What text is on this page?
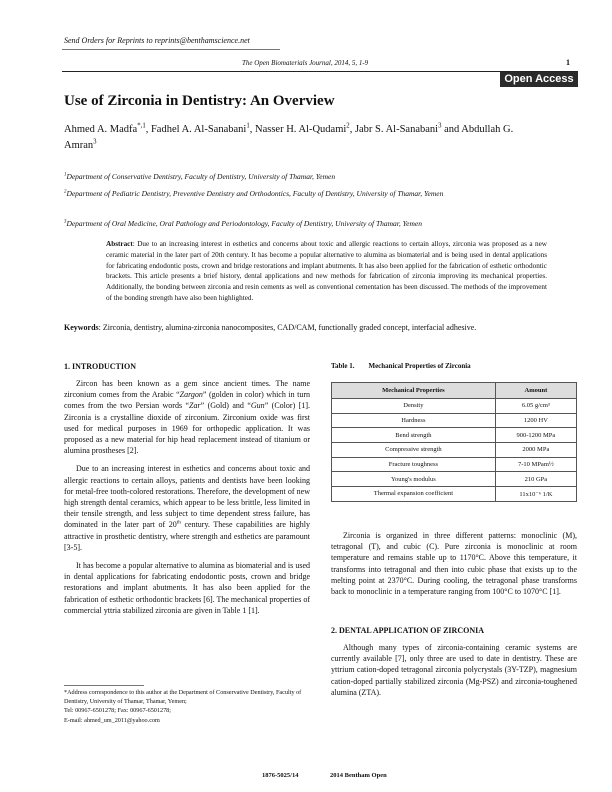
Send Orders for Reprints to reprints@benthamscience.net
The Open Biomaterials Journal, 2014, 5, 1-9	1
Open Access
Use of Zirconia in Dentistry: An Overview
Ahmed A. Madfa$^{*,1}$, Fadhel A. Al-Sanabani$^1$, Nasser H. Al-Qudami$^2$, Jabr S. Al-Sanabani$^3$ and Abdullah G. Amran$^3$
$^1$Department of Conservative Dentistry, Faculty of Dentistry, University of Thamar, Yemen
$^2$Department of Pediatric Dentistry, Preventive Dentistry and Orthodontics, Faculty of Dentistry, University of Thamar, Yemen
$^3$Department of Oral Medicine, Oral Pathology and Periodontology, Faculty of Dentistry, University of Thamar, Yemen
Abstract: Due to an increasing interest in esthetics and concerns about toxic and allergic reactions to certain alloys, zirconia was proposed as a new ceramic material in the later part of 20th century. It has become a popular alternative to alumina as biomaterial and is being used in dental applications for fabricating endodontic posts, crown and bridge restorations and implant abutments. It has also been applied for the fabrication of esthetic orthodontic brackets. This article presents a brief history, dental applications and new methods for fabrication of zirconia improving its mechanical properties. Additionally, the bonding between zirconia and resin cements as well as conventional cementation has been discussed. The methods of the improvement of the bonding strength have also been highlighted.
Keywords: Zirconia, dentistry, alumina-zirconia nanocomposites, CAD/CAM, functionally graded concept, interfacial adhesive.
1. INTRODUCTION

Zircon has been known as a gem since ancient times. The name zirconium comes from the Arabic “Zargon” (golden in color) which in turn comes from the two Persian words “Zar” (Gold) and “Gun” (Color) [1]. Zirconia is a crystalline dioxide of zirconium. Zirconium oxide was first used for medical purposes in 1969 for orthopedic application. It was proposed as a new material for hip head replacement instead of titanium or alumina prostheses [2].

Due to an increasing interest in esthetics and concerns about toxic and allergic reactions to certain alloys, patients and dentists have been looking for metal-free tooth-colored restorations. Therefore, the development of new high strength dental ceramics, which appear to be less brittle, less limited in their tensile strength, and less subject to time dependent stress failure, has dominated in the later part of 20th century. These capabilities are highly attractive in prosthetic dentistry, where strength and esthetics are paramount [3-5].

It has become a popular alternative to alumina as biomaterial and is used in dental applications for fabricating endodontic posts, crown and bridge restorations and implant abutments. It has also been applied for the fabrication of esthetic orthodontic brackets [6]. The mechanical properties of commercial yttria stabilized zirconia are given in Table 1 [1].

Table 1.  Mechanical Properties of Zirconia
Mechanical Properties	Amount
Density	6.05 g/cm³
Hardness	1200 HV
Bend strength	900-1200 MPa
Compressive strength	2000 MPa
Fracture toughness	7-10 MPam½
Young's modulus	210 GPa
Thermal expansion coefficient	11x10⁻⁶ 1/K

Zirconia is organized in three different patterns: monoclinic (M), tetragonal (T), and cubic (C). Pure zirconia is monoclinic at room temperature and remains stable up to 1170°C. Above this temperature, it transforms into tetragonal and then into cubic phase that exists up to the melting point at 2370°C. During cooling, the tetragonal phase transforms back to monoclinic in a temperature ranging from 100°C to 1070°C [1].

2. DENTAL APPLICATION OF ZIRCONIA

Although many types of zirconia-containing ceramic systems are currently available [7], only three are used to date in dentistry. These are yttrium cation-doped tetragonal zirconia polycrystals (3Y-TZP), magnesium cation-doped partially stabilized zirconia (Mg-PSZ) and zirconia-toughened alumina (ZTA).

*Address correspondence to this author at the Department of Conservative Dentistry, Faculty of Dentistry, University of Thamar, Thamar, Yemen;
Tel: 00967-6501278; Fax: 00967-6501278;
E-mail: ahmed_um_2011@yahoo.com
1876-5025/14	2014 Bentham Open
